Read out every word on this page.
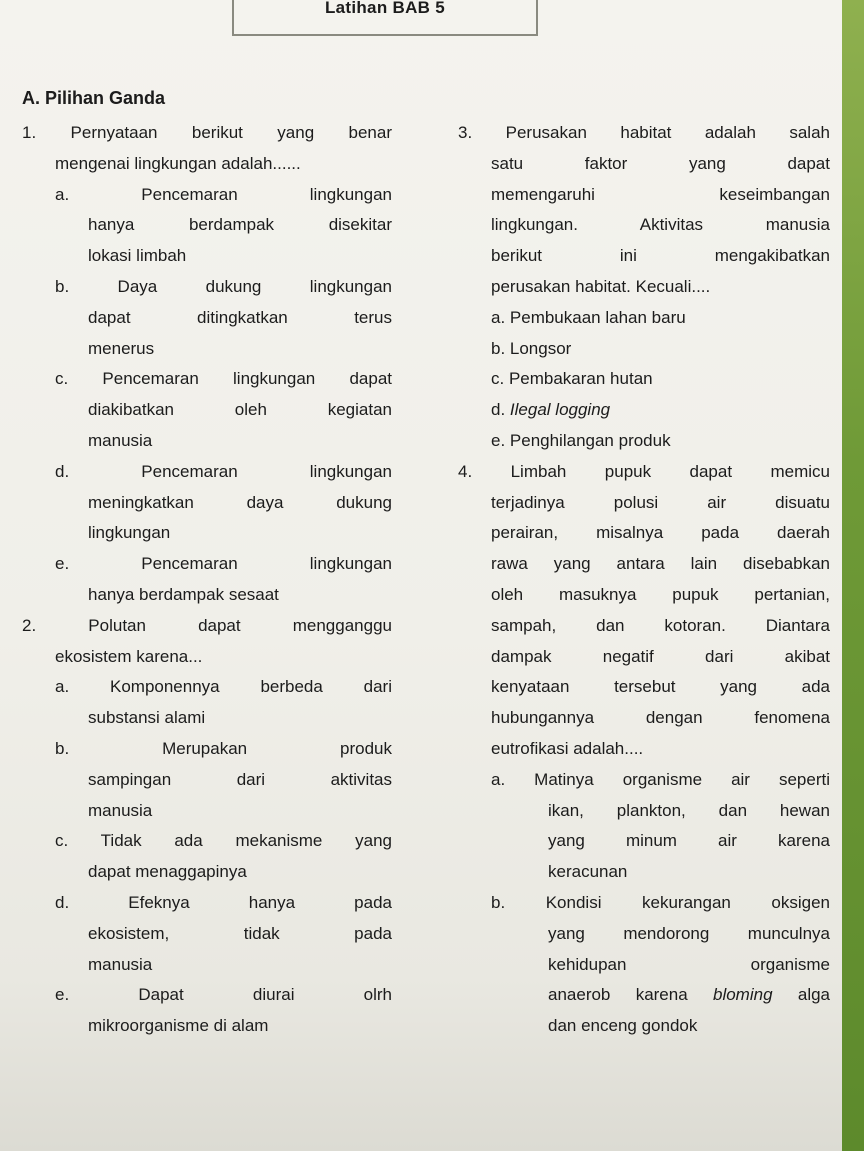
Latihan BAB 5
A. Pilihan Ganda
1. Pernyataan berikut yang benar
mengenai lingkungan adalah......
a. Pencemaran lingkungan
hanya berdampak disekitar
lokasi limbah
b. Daya dukung lingkungan
dapat ditingkatkan terus
menerus
c. Pencemaran lingkungan dapat
diakibatkan oleh kegiatan
manusia
d. Pencemaran lingkungan
meningkatkan daya dukung
lingkungan
e. Pencemaran lingkungan
hanya berdampak sesaat
2. Polutan dapat mengganggu
ekosistem karena...
a. Komponennya berbeda dari
substansi alami
b. Merupakan produk
sampingan dari aktivitas
manusia
c. Tidak ada mekanisme yang
dapat menaggapinya
d. Efeknya hanya pada
ekosistem, tidak pada
manusia
e. Dapat diurai olrh
mikroorganisme di alam
3. Perusakan habitat adalah salah
satu faktor yang dapat
memengaruhi keseimbangan
lingkungan. Aktivitas manusia
berikut ini mengakibatkan
perusakan habitat. Kecuali....
a. Pembukaan lahan baru
b. Longsor
c. Pembakaran hutan
d. Ilegal logging
e. Penghilangan produk
4. Limbah pupuk dapat memicu
terjadinya polusi air disuatu
perairan, misalnya pada daerah
rawa yang antara lain disebabkan
oleh masuknya pupuk pertanian,
sampah, dan kotoran. Diantara
dampak negatif dari akibat
kenyataan tersebut yang ada
hubungannya dengan fenomena
eutrofikasi adalah....
a. Matinya organisme air seperti
ikan, plankton, dan hewan
yang minum air karena
keracunan
b. Kondisi kekurangan oksigen
yang mendorong munculnya
kehidupan organisme
anaerob karena bloming alga
dan enceng gondok
